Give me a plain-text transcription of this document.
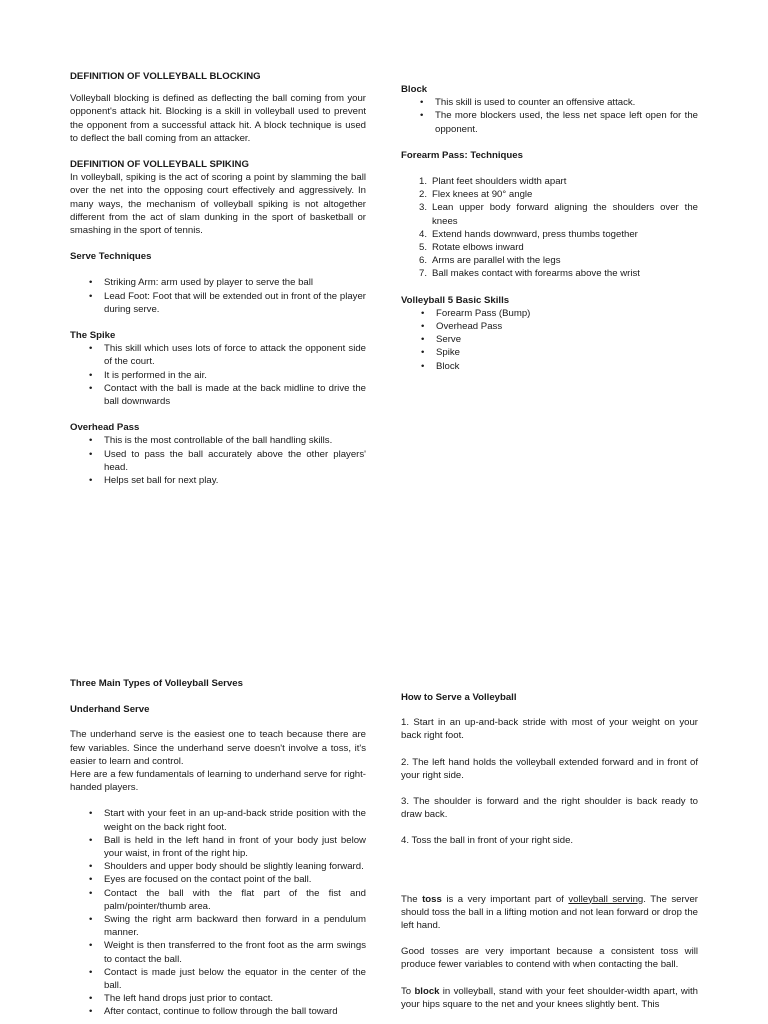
DEFINITION OF VOLLEYBALL BLOCKING

Volleyball blocking is defined as deflecting the ball coming from your opponent's attack hit. Blocking is a skill in volleyball used to prevent the opponent from a successful attack hit. A block technique is used to deflect the ball coming from an attacker.

DEFINITION OF VOLLEYBALL SPIKING

In volleyball, spiking is the act of scoring a point by slamming the ball over the net into the opposing court effectively and aggressively. In many ways, the mechanism of volleyball spiking is not altogether different from the act of slam dunking in the sport of basketball or smashing in the sport of tennis.

Serve Techniques

• Striking Arm: arm used by player to serve the ball
• Lead Foot: Foot that will be extended out in front of the player during serve.

The Spike

• This skill which uses lots of force to attack the opponent side of the court.
• It is performed in the air.
• Contact with the ball is made at the back midline to drive the ball downwards

Overhead Pass

• This is the most controllable of the ball handling skills.
• Used to pass the ball accurately above the other players' head.
• Helps set ball for next play.

Block

• This skill is used to counter an offensive attack.
• The more blockers used, the less net space left open for the opponent.

Forearm Pass: Techniques

1. Plant feet shoulders width apart
2. Flex knees at 90° angle
3. Lean upper body forward aligning the shoulders over the knees
4. Extend hands downward, press thumbs together
5. Rotate elbows inward
6. Arms are parallel with the legs
7. Ball makes contact with forearms above the wrist

Volleyball 5 Basic Skills

• Forearm Pass (Bump)
• Overhead Pass
• Serve
• Spike
• Block

Three Main Types of Volleyball Serves

Underhand Serve

The underhand serve is the easiest one to teach because there are few variables. Since the underhand serve doesn't involve a toss, it's easier to learn and control.

Here are a few fundamentals of learning to underhand serve for right-handed players.

• Start with your feet in an up-and-back stride position with the weight on the back right foot.
• Ball is held in the left hand in front of your body just below your waist, in front of the right hip.
• Shoulders and upper body should be slightly leaning forward.
• Eyes are focused on the contact point of the ball.
• Contact the ball with the flat part of the fist and palm/pointer/thumb area.
• Swing the right arm backward then forward in a pendulum manner.
• Weight is then transferred to the front foot as the arm swings to contact the ball.
• Contact is made just below the equator in the center of the ball.
• The left hand drops just prior to contact.
• After contact, continue to follow through the ball toward

How to Serve a Volleyball

1. Start in an up-and-back stride with most of your weight on your back right foot.

2. The left hand holds the volleyball extended forward and in front of your right side.

3. The shoulder is forward and the right shoulder is back ready to draw back.

4. Toss the ball in front of your right side.

The toss is a very important part of volleyball serving. The server should toss the ball in a lifting motion and not lean forward or drop the left hand.

Good tosses are very important because a consistent toss will produce fewer variables to contend with when contacting the ball.

To block in volleyball, stand with your feet shoulder-width apart, with your hips square to the net and your knees slightly bent. This
